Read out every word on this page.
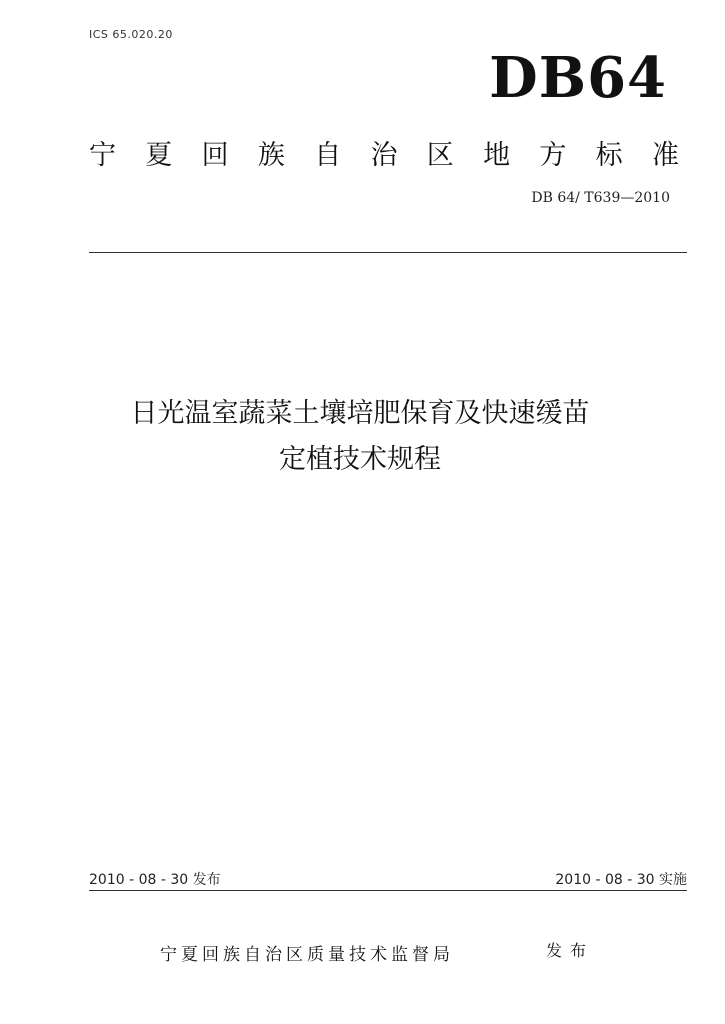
ICS 65.020.20
DB64
宁 夏 回 族 自 治 区 地 方 标 准
DB 64/ T639—2010
日光温室蔬菜土壤培肥保育及快速缓苗
定植技术规程
2010 - 08 - 30 发布	2010 - 08 - 30 实施
宁夏回族自治区质量技术监督局	发布
